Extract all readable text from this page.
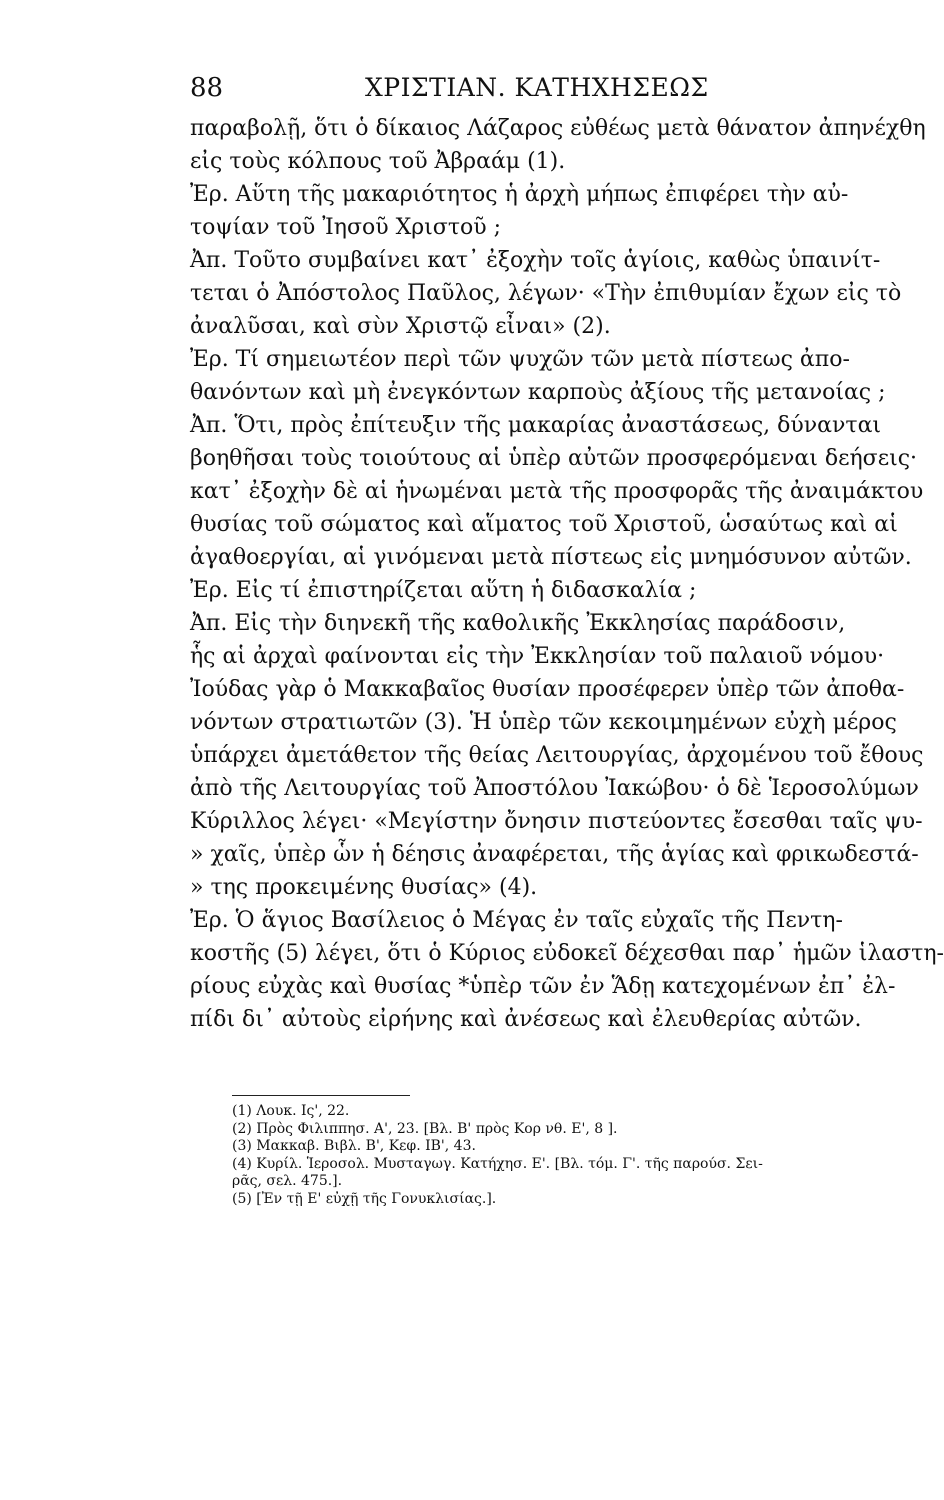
88	ΧΡΙΣΤΙΑΝ. ΚΑΤΗΧΗΣΕΩΣ
παραβολῇ, ὅτι ὁ δίκαιος Λάζαρος εὐθέως μετὰ θάνατον ἀπηνέχθη
εἰς τοὺς κόλπους τοῦ Ἀβραάμ (1).
Ἐρ. Αὕτη τῆς μακαριότητος ἡ ἀρχὴ μήπως ἐπιφέρει τὴν αὐ-
τοψίαν τοῦ Ἰησοῦ Χριστοῦ ;
Ἀπ. Τοῦτο συμβαίνει κατ᾽ ἐξοχὴν τοῖς ἁγίοις, καθὼς ὑπαινίτ-
τεται ὁ Ἀπόστολος Παῦλος, λέγων· «Τὴν ἐπιθυμίαν ἔχων εἰς τὸ
ἀναλῦσαι, καὶ σὺν Χριστῷ εἶναι» (2).
Ἐρ. Τί σημειωτέον περὶ τῶν ψυχῶν τῶν μετὰ πίστεως ἀπο-
θανόντων καὶ μὴ ἐνεγκόντων καρποὺς ἀξίους τῆς μετανοίας ;
Ἀπ. Ὅτι, πρὸς ἐπίτευξιν τῆς μακαρίας ἀναστάσεως, δύνανται
βοηθῆσαι τοὺς τοιούτους αἱ ὑπὲρ αὐτῶν προσφερόμεναι δεήσεις·
κατ᾽ ἐξοχὴν δὲ αἱ ἡνωμέναι μετὰ τῆς προσφορᾶς τῆς ἀναιμάκτου
θυσίας τοῦ σώματος καὶ αἵματος τοῦ Χριστοῦ, ὡσαύτως καὶ αἱ
ἀγαθοεργίαι, αἱ γινόμεναι μετὰ πίστεως εἰς μνημόσυνον αὐτῶν.
Ἐρ. Εἰς τί ἐπιστηρίζεται αὕτη ἡ διδασκαλία ;
Ἀπ. Εἰς τὴν διηνεκῆ τῆς καθολικῆς Ἐκκλησίας παράδοσιν,
ἧς αἱ ἀρχαὶ φαίνονται εἰς τὴν Ἐκκλησίαν τοῦ παλαιοῦ νόμου·
Ἰούδας γὰρ ὁ Μακκαβαῖος θυσίαν προσέφερεν ὑπὲρ τῶν ἀποθα-
νόντων στρατιωτῶν (3). Ἡ ὑπὲρ τῶν κεκοιμημένων εὐχὴ μέρος
ὑπάρχει ἀμετάθετον τῆς θείας Λειτουργίας, ἀρχομένου τοῦ ἔθους
ἀπὸ τῆς Λειτουργίας τοῦ Ἀποστόλου Ἰακώβου· ὁ δὲ Ἱεροσολύμων
Κύριλλος λέγει· «Μεγίστην ὄνησιν πιστεύοντες ἔσεσθαι ταῖς ψυ-
» χαῖς, ὑπὲρ ὧν ἡ δέησις ἀναφέρεται, τῆς ἁγίας καὶ φρικωδεστά-
» της προκειμένης θυσίας» (4).
Ἐρ. Ὁ ἅγιος Βασίλειος ὁ Μέγας ἐν ταῖς εὐχαῖς τῆς Πεντη-
κοστῆς (5) λέγει, ὅτι ὁ Κύριος εὐδοκεῖ δέχεσθαι παρ᾽ ἡμῶν ἱλαστη-
ρίους εὐχὰς καὶ θυσίας *ὑπὲρ τῶν ἐν Ἅδῃ κατεχομένων ἐπ᾽ ἐλ-
πίδι δι᾽ αὐτοὺς εἰρήνης καὶ ἀνέσεως καὶ ἐλευθερίας αὐτῶν.
(1) Λουκ. Ις', 22.
(2) Πρὸς Φιλιππησ. Α', 23. [Βλ. Β' πρὸς Κορ νθ. Ε', 8 ].
(3) Μακκαβ. Βιβλ. Β', Κεφ. ΙΒ', 43.
(4) Κυρίλ. Ἱεροσολ. Μυσταγωγ. Κατήχησ. Ε'. [Βλ. τόμ. Γ'. τῆς παρούσ. Σει-
ρᾶς, σελ. 475.].
(5) [Ἐν τῇ Ε' εὐχῇ τῆς Γονυκλισίας.].
